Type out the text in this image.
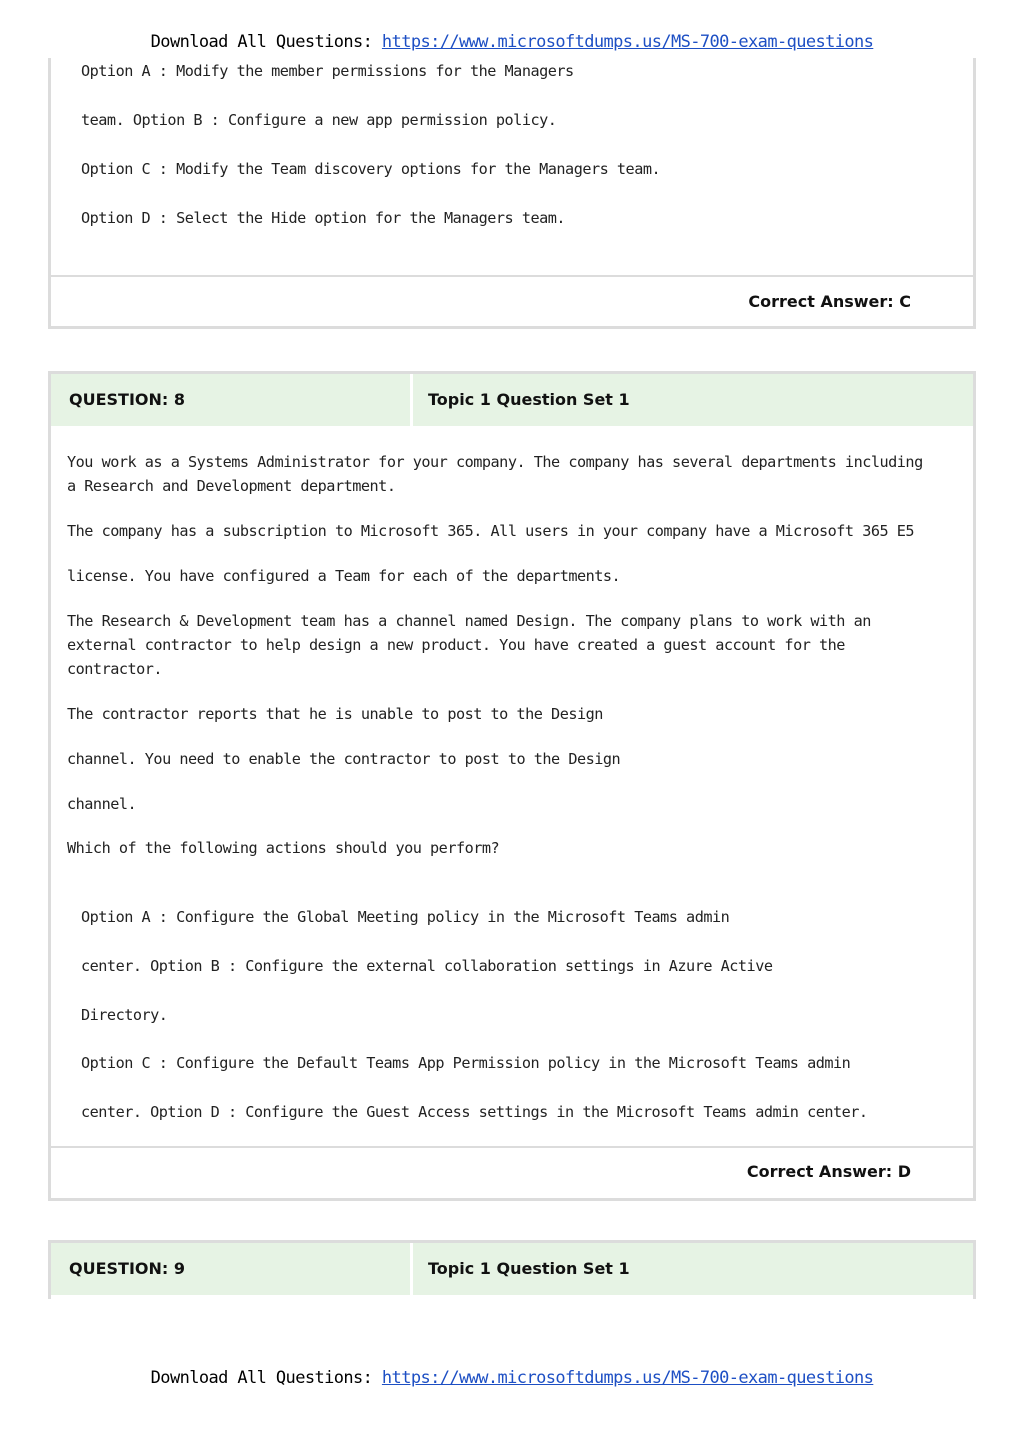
Download All Questions: https://www.microsoftdumps.us/MS-700-exam-questions
Option A : Modify the member permissions for the Managers
team. Option B : Configure a new app permission policy.
Option C : Modify the Team discovery options for the Managers team.
Option D : Select the Hide option for the Managers team.
Correct Answer: C
QUESTION: 8	Topic 1 Question Set 1
You work as a Systems Administrator for your company. The company has several departments including
a Research and Development department.
The company has a subscription to Microsoft 365. All users in your company have a Microsoft 365 E5
license. You have configured a Team for each of the departments.
The Research & Development team has a channel named Design. The company plans to work with an
external contractor to help design a new product. You have created a guest account for the
contractor.
The contractor reports that he is unable to post to the Design
channel. You need to enable the contractor to post to the Design
channel.
Which of the following actions should you perform?
Option A : Configure the Global Meeting policy in the Microsoft Teams admin
center. Option B : Configure the external collaboration settings in Azure Active
Directory.
Option C : Configure the Default Teams App Permission policy in the Microsoft Teams admin
center. Option D : Configure the Guest Access settings in the Microsoft Teams admin center.
Correct Answer: D
QUESTION: 9	Topic 1 Question Set 1
Download All Questions: https://www.microsoftdumps.us/MS-700-exam-questions
